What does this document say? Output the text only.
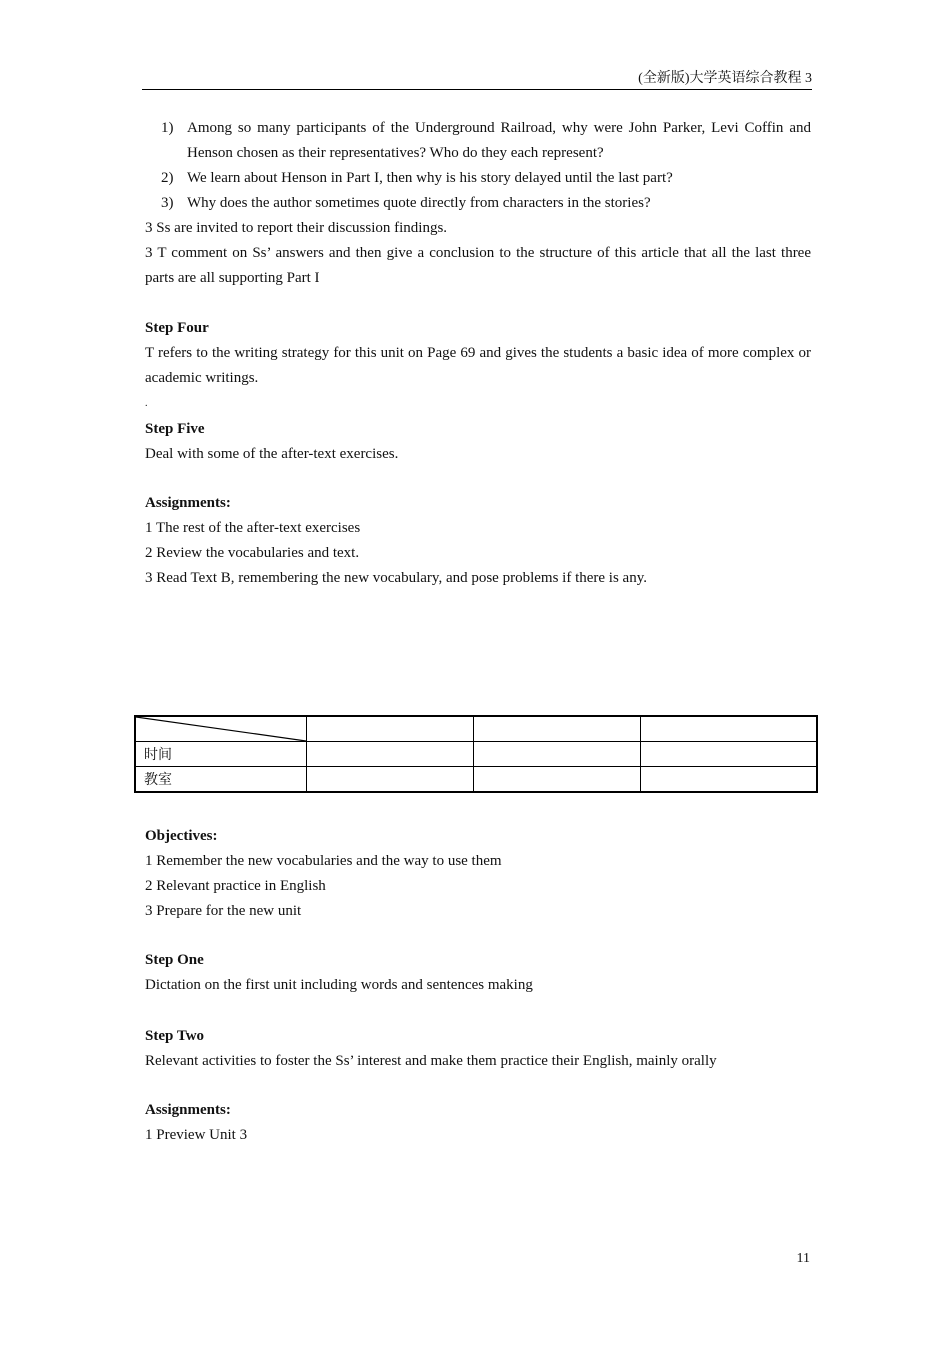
(全新版)大学英语综合教程 3

1) Among so many participants of the Underground Railroad, why were John Parker, Levi Coffin and Henson chosen as their representatives? Who do they each represent?

2) We learn about Henson in Part I, then why is his story delayed until the last part?

3) Why does the author sometimes quote directly from characters in the stories?

3 Ss are invited to report their discussion findings.

3 T comment on Ss’ answers and then give a conclusion to the structure of this article that all the last three parts are all supporting Part I

Step Four

T refers to the writing strategy for this unit on Page 69 and gives the students a basic idea of more complex or academic writings.

.

Step Five

Deal with some of the after-text exercises.

Assignments:

1 The rest of the after-text exercises

2 Review the vocabularies and text.

3 Read Text B, remembering the new vocabulary, and pose problems if there is any.

时间			
教室			

Objectives:

1 Remember the new vocabularies and the way to use them

2 Relevant practice in English

3 Prepare for the new unit

Step One

Dictation on the first unit including words and sentences making

Step Two

Relevant activities to foster the Ss’ interest and make them practice their English, mainly orally

Assignments:

1 Preview Unit 3

11
